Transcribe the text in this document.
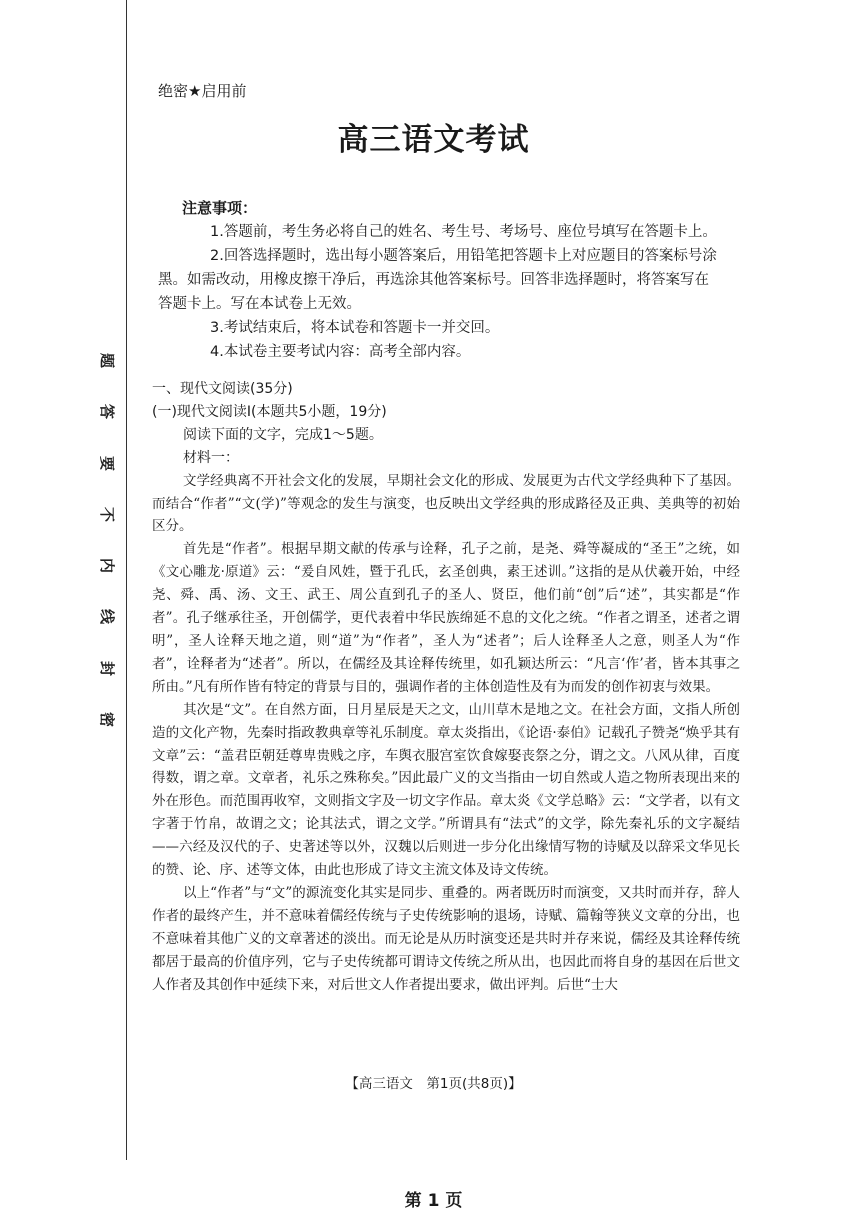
题
答
要
不
内
线
封
密
绝密★启用前
高三语文考试
注意事项：

1.答题前，考生务必将自己的姓名、考生号、考场号、座位号填写在答题卡上。

2.回答选择题时，选出每小题答案后，用铅笔把答题卡上对应题目的答案标号涂黑。如需改动，用橡皮擦干净后，再选涂其他答案标号。回答非选择题时，将答案写在答题卡上。写在本试卷上无效。

3.考试结束后，将本试卷和答题卡一并交回。

4.本试卷主要考试内容：高考全部内容。

一、现代文阅读(35分)

(一)现代文阅读Ⅰ(本题共5小题，19分)

阅读下面的文字，完成1～5题。

材料一：

文学经典离不开社会文化的发展，早期社会文化的形成、发展更为古代文学经典种下了基因。而结合“作者”“文(学)”等观念的发生与演变，也反映出文学经典的形成路径及正典、美典等的初始区分。

首先是“作者”。根据早期文献的传承与诠释，孔子之前，是尧、舜等凝成的“圣王”之统，如《文心雕龙·原道》云：“爰自风姓，暨于孔氏，玄圣创典，素王述训。”这指的是从伏羲开始，中经尧、舜、禹、汤、文王、武王、周公直到孔子的圣人、贤臣，他们前“创”后“述”，其实都是“作者”。孔子继承往圣，开创儒学，更代表着中华民族绵延不息的文化之统。“作者之谓圣，述者之谓明”，圣人诠释天地之道，则“道”为“作者”，圣人为“述者”；后人诠释圣人之意，则圣人为“作者”，诠释者为“述者”。所以，在儒经及其诠释传统里，如孔颖达所云：“凡言‘作’者，皆本其事之所由。”凡有所作皆有特定的背景与目的，强调作者的主体创造性及有为而发的创作初衷与效果。

其次是“文”。在自然方面，日月星辰是天之文，山川草木是地之文。在社会方面，文指人所创造的文化产物，先秦时指政教典章等礼乐制度。章太炎指出，《论语·泰伯》记载孔子赞尧“焕乎其有文章”云：“盖君臣朝廷尊卑贵贱之序，车舆衣服宫室饮食嫁娶丧祭之分，谓之文。八风从律，百度得数，谓之章。文章者，礼乐之殊称矣。”因此最广义的文当指由一切自然或人造之物所表现出来的外在形色。而范围再收窄，文则指文字及一切文字作品。章太炎《文学总略》云：“文学者，以有文字著于竹帛，故谓之文；论其法式，谓之文学。”所谓具有“法式”的文学，除先秦礼乐的文字凝结——六经及汉代的子、史著述等以外，汉魏以后则进一步分化出缘情写物的诗赋及以辞采文华见长的赞、论、序、述等文体，由此也形成了诗文主流文体及诗文传统。

以上“作者”与“文”的源流变化其实是同步、重叠的。两者既历时而演变，又共时而并存，辞人作者的最终产生，并不意味着儒经传统与子史传统影响的退场，诗赋、篇翰等狭义文章的分出，也不意味着其他广义的文章著述的淡出。而无论是从历时演变还是共时并存来说，儒经及其诠释传统都居于最高的价值序列，它与子史传统都可谓诗文传统之所从出，也因此而将自身的基因在后世文人作者及其创作中延续下来，对后世文人作者提出要求，做出评判。后世“士大

【高三语文　第1页(共8页)】
第 1 页
